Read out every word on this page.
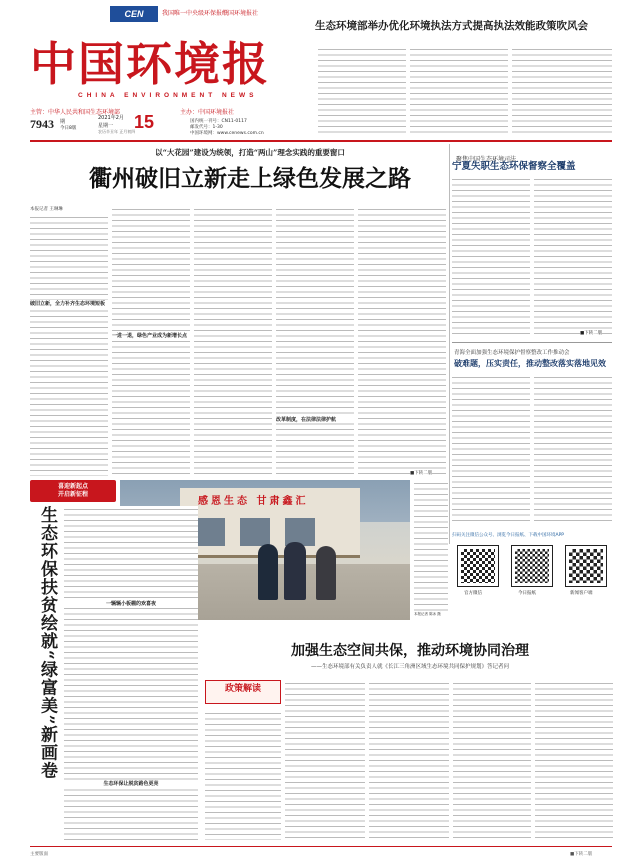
CEN	我国唯一中央级环保报纸
中国环境报社
中国环境报
CHINA ENVIRONMENT NEWS
主办：中国环境报社
国内统一刊号：CN11-0117
邮发代号：1-30
中国环境网：www.cenews.com.cn
主管：中华人民共和国生态环境部
7943 期
今日8版
2021年2月
星期一
农历辛丑年 正月初四
15
生态环境部举办优化环境执法方式提高执法效能政策吹风会
以“大花园”建设为统领，打造“两山”理念实践的重要窗口
衢州破旧立新走上绿色发展之路
本报记者 王琳琳
破旧立新，全力补齐生态环境短板
一进一退，绿色产业成为新增长点
改革制度，在法律法律护航
■下转二版
聚焦中国生态环境司法
宁夏失职生态环保督察全覆盖
■下转二版
青海全面加强生态环境保护督察整改工作推动会
破难题，压实责任，推动整改落实落地见效
扫码关注微信公众号、浏览今日报纸、下载中国环境APP
官方微信	今日报纸	新闻客户端
感恩生态 甘肃鑫汇
本报记者 陈冰 摄
喜迎新起点
开启新征程
生态环保扶贫绘就“绿富美”新画卷	一辆辆小板棚的欢喜夜
生态环保让脱贫路色更亮
加强生态空间共保，推动环境协同治理
——生态环境部有关负责人就《长江三角洲区域生态环境共同保护规划》答记者问
政策解读
主要版面	■下转二版
